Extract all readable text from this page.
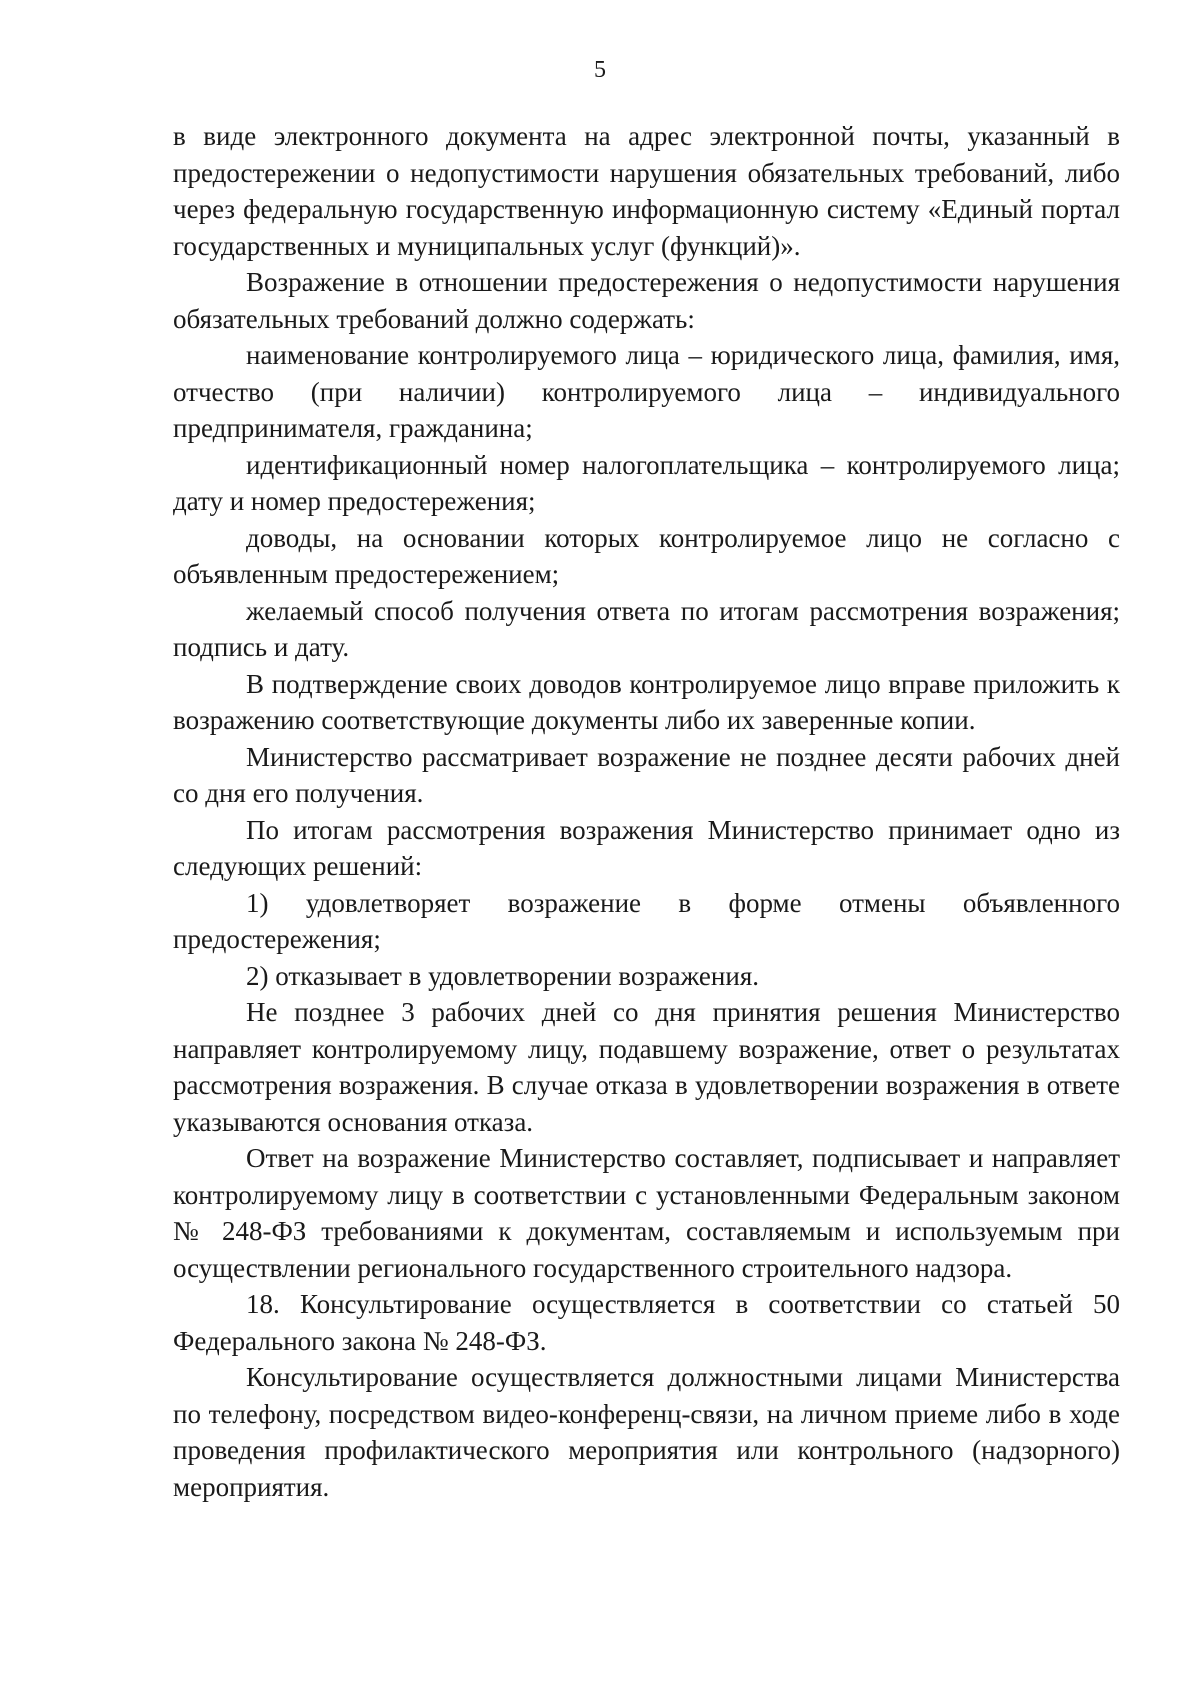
5

в виде электронного документа на адрес электронной почты, указанный в предостережении о недопустимости нарушения обязательных требований, либо через федеральную государственную информационную систему «Единый портал государственных и муниципальных услуг (функций)».

Возражение в отношении предостережения о недопустимости нарушения обязательных требований должно содержать:

наименование контролируемого лица – юридического лица, фамилия, имя, отчество (при наличии) контролируемого лица – индивидуального предпринимателя, гражданина;

идентификационный номер налогоплательщика – контролируемого лица; дату и номер предостережения;

доводы, на основании которых контролируемое лицо не согласно с объявленным предостережением;

желаемый способ получения ответа по итогам рассмотрения возражения; подпись и дату.

В подтверждение своих доводов контролируемое лицо вправе приложить к возражению соответствующие документы либо их заверенные копии.

Министерство рассматривает возражение не позднее десяти рабочих дней со дня его получения.

По итогам рассмотрения возражения Министерство принимает одно из следующих решений:

1) удовлетворяет возражение в форме отмены объявленного предостережения;

2) отказывает в удовлетворении возражения.

Не позднее 3 рабочих дней со дня принятия решения Министерство направляет контролируемому лицу, подавшему возражение, ответ о результатах рассмотрения возражения. В случае отказа в удовлетворении возражения в ответе указываются основания отказа.

Ответ на возражение Министерство составляет, подписывает и направляет контролируемому лицу в соответствии с установленными Федеральным законом № 248-ФЗ требованиями к документам, составляемым и используемым при осуществлении регионального государственного строительного надзора.

18. Консультирование осуществляется в соответствии со статьей 50 Федерального закона № 248-ФЗ.

Консультирование осуществляется должностными лицами Министерства по телефону, посредством видео-конференц-связи, на личном приеме либо в ходе проведения профилактического мероприятия или контрольного (надзорного) мероприятия.
